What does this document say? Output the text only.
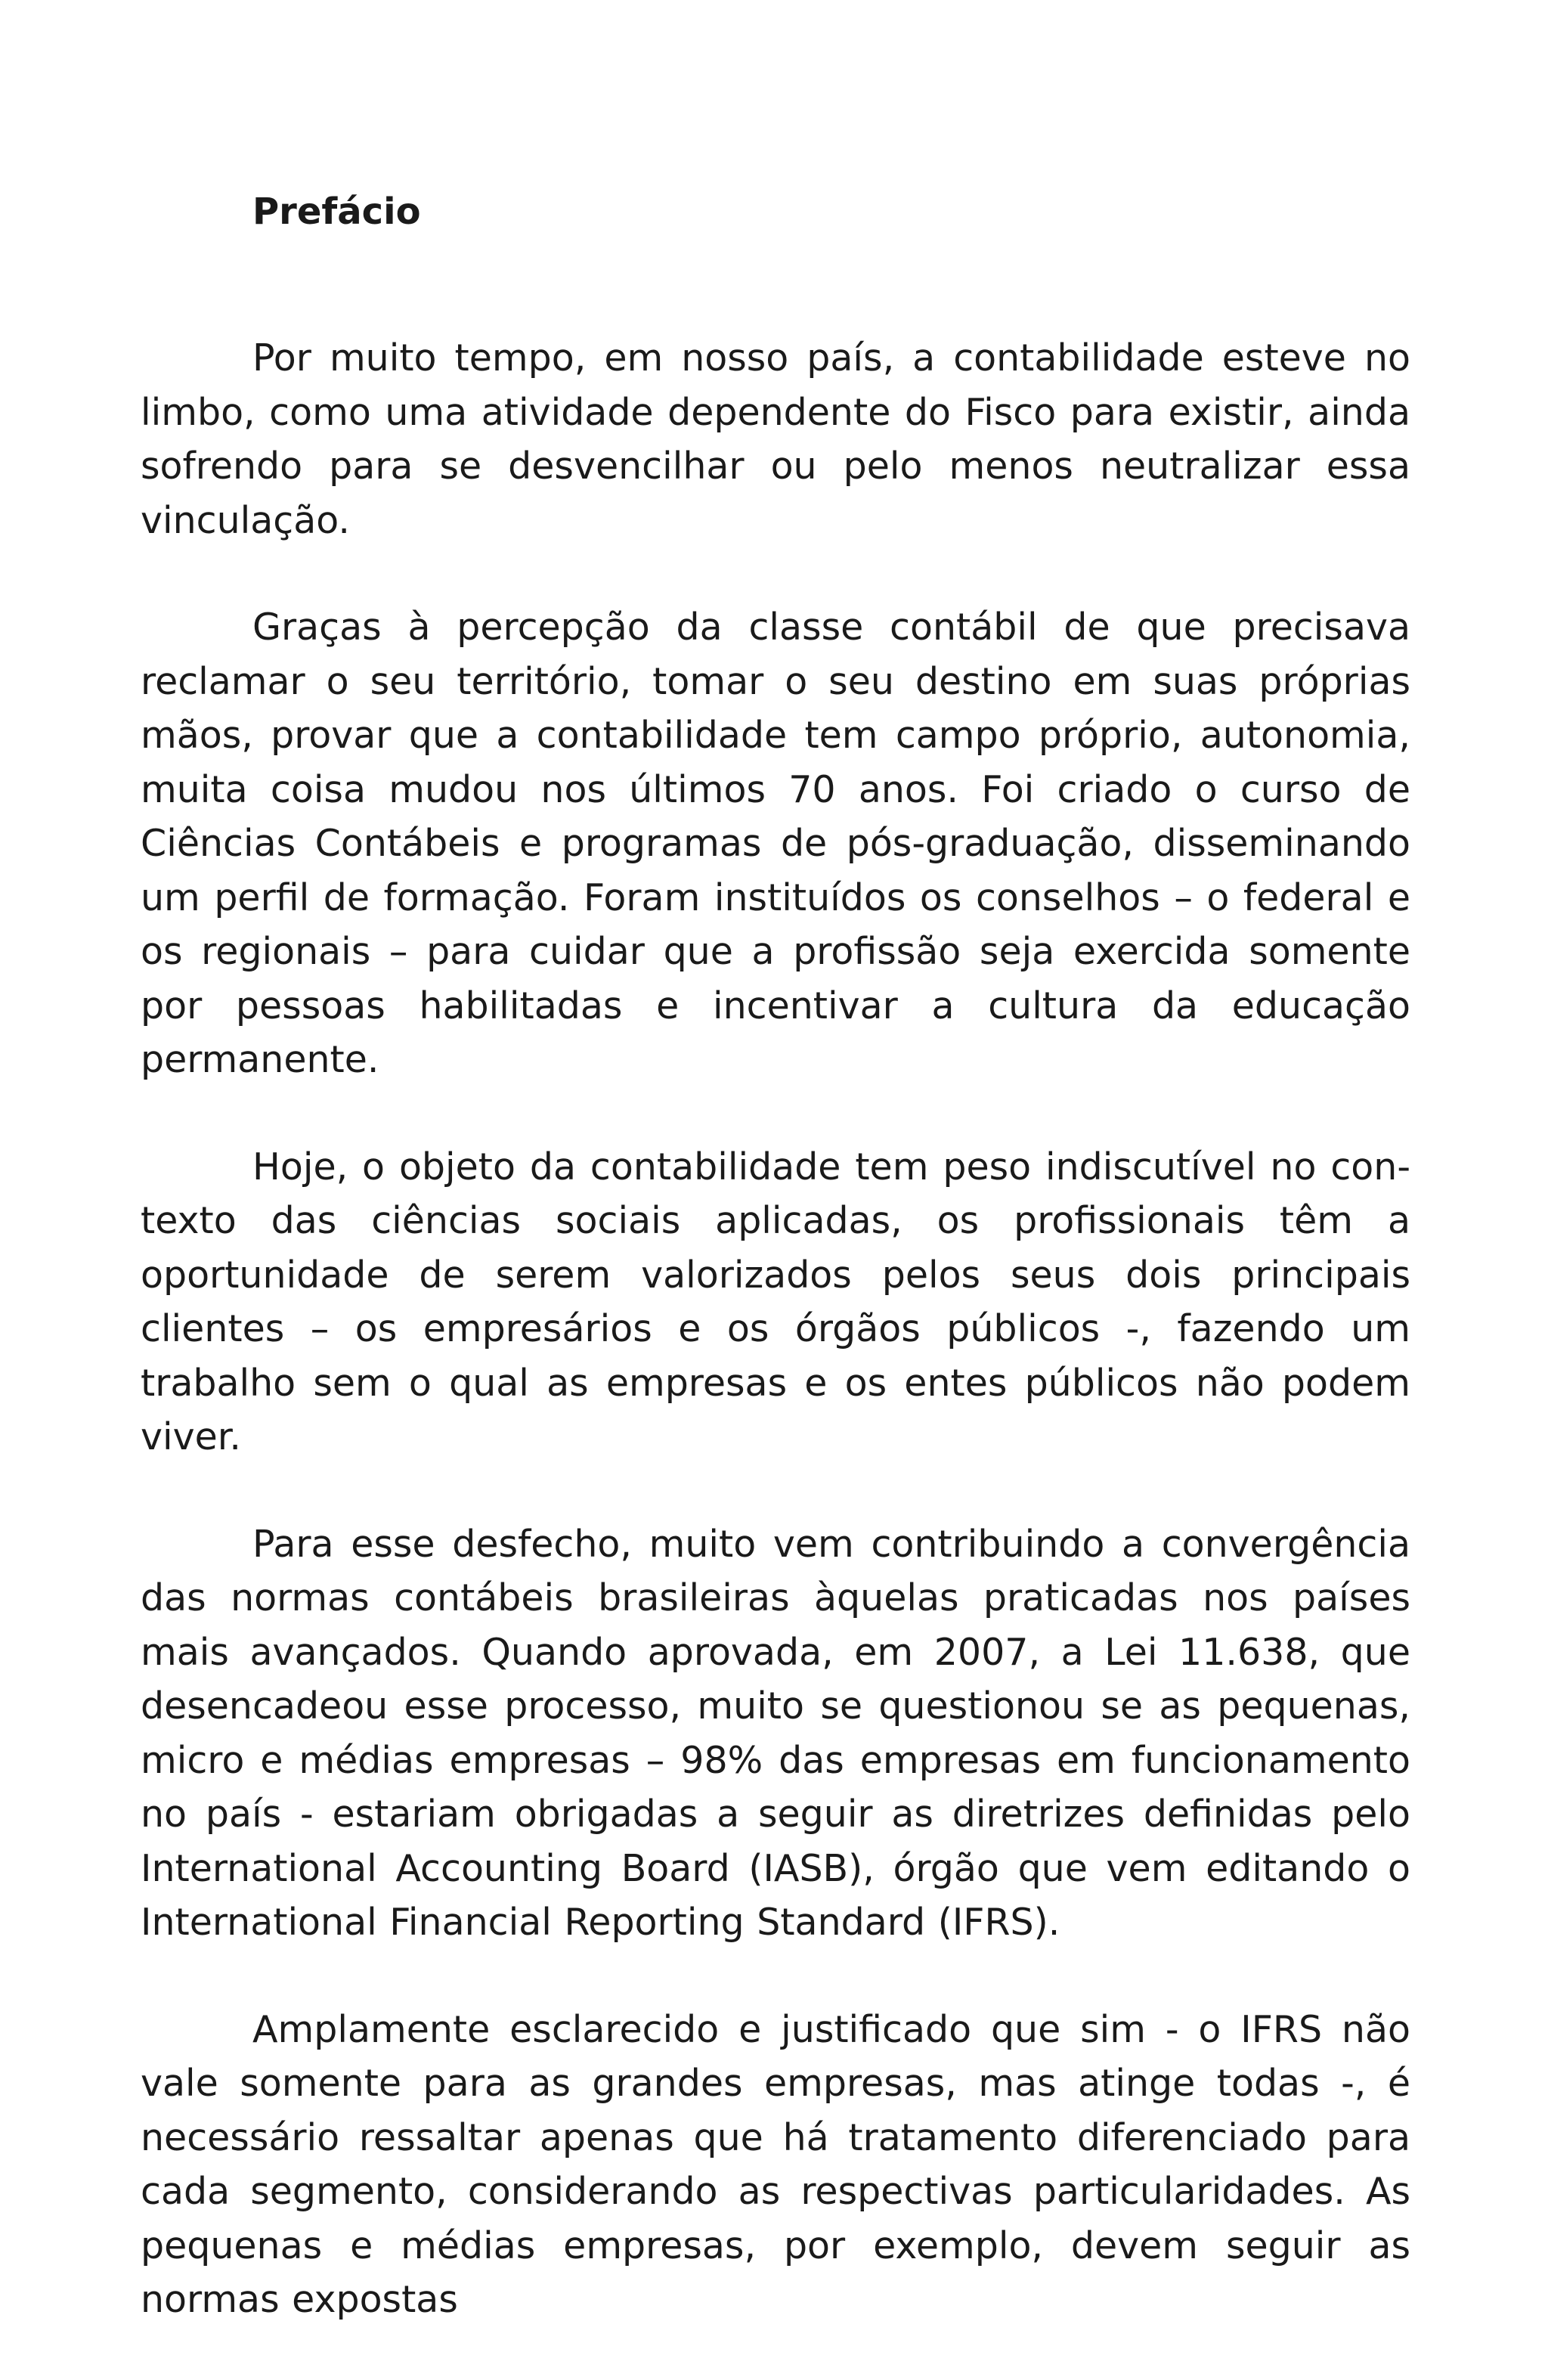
Prefácio

Por muito tempo, em nosso país, a contabilidade esteve no limbo, como uma atividade dependente do Fisco para existir, ainda sofrendo para se desvencilhar ou pelo menos neutralizar essa vinculação.

Graças à percepção da classe contábil de que precisava reclamar o seu território, tomar o seu destino em suas próprias mãos, provar que a contabilidade tem campo próprio, autonomia, muita coisa mudou nos últimos 70 anos. Foi criado o curso de Ciências Contábeis e programas de pós-graduação, disseminando um perfil de formação. Foram instituídos os conselhos – o federal e os regionais – para cuidar que a profissão seja exercida somente por pessoas habilitadas e incentivar a cultura da educação permanente.

Hoje, o objeto da contabilidade tem peso indiscutível no contexto das ciências sociais aplicadas, os profissionais têm a oportunidade de serem valorizados pelos seus dois principais clientes – os empresários e os órgãos públicos -, fazendo um trabalho sem o qual as empresas e os entes públicos não podem viver.

Para esse desfecho, muito vem contribuindo a convergência das normas contábeis brasileiras àquelas praticadas nos países mais avançados. Quando aprovada, em 2007, a Lei 11.638, que desencadeou esse processo, muito se questionou se as pequenas, micro e médias empresas – 98% das empresas em funcionamento no país - estariam obrigadas a seguir as diretrizes definidas pelo International Accounting Board (IASB), órgão que vem editando o International Financial Reporting Standard (IFRS).

Amplamente esclarecido e justificado que sim - o IFRS não vale somente para as grandes empresas, mas atinge todas -, é necessário ressaltar apenas que há tratamento diferenciado para cada segmento, considerando as respectivas particularidades. As pequenas e médias empresas, por exemplo, devem seguir as normas expostas
